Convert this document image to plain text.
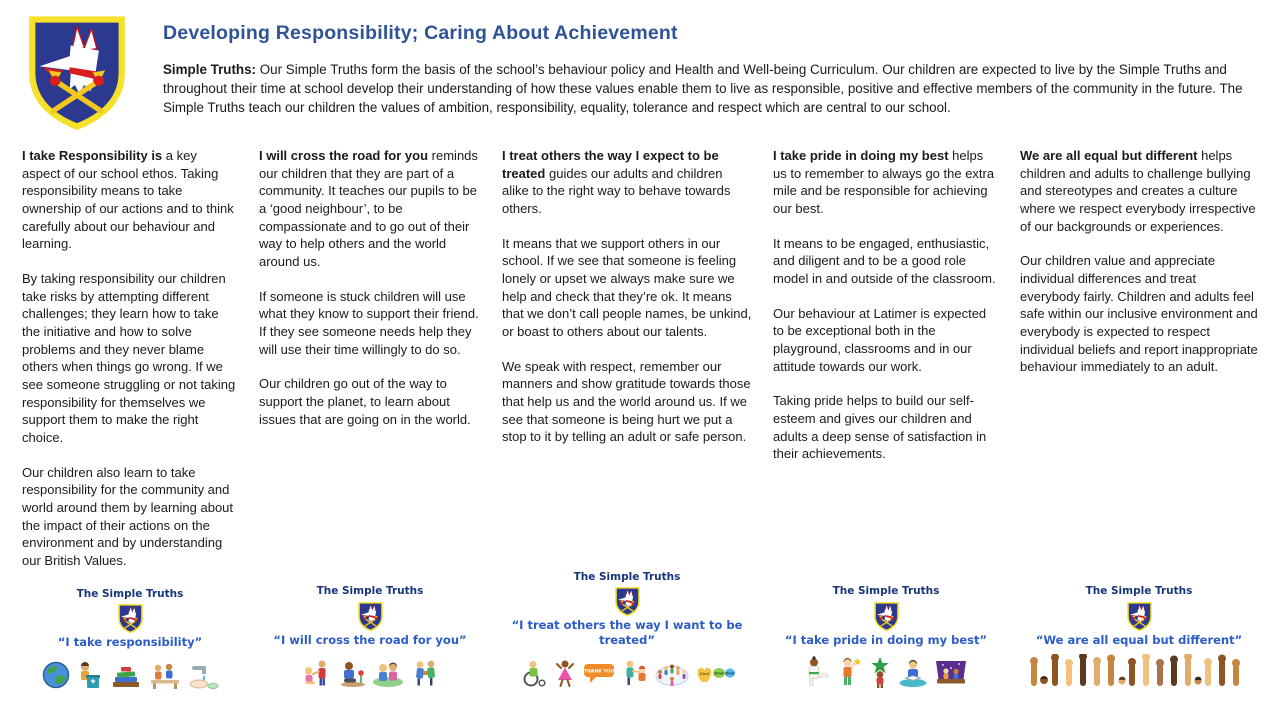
Developing Responsibility; Caring About Achievement

Simple Truths: Our Simple Truths form the basis of the school’s behaviour policy and Health and Well-being Curriculum. Our children are expected to live by the Simple Truths and throughout their time at school develop their understanding of how these values enable them to live as responsible, positive and effective members of the community in the future. The Simple Truths teach our children the values of ambition, responsibility, equality, tolerance and respect which are central to our school.

I take Responsibility is a key aspect of our school ethos. Taking responsibility means to take ownership of our actions and to think carefully about our behaviour and learning.

By taking responsibility our children take risks by attempting different challenges; they learn how to take the initiative and how to solve problems and they never blame others when things go wrong. If we see someone struggling or not taking responsibility for themselves we support them to make the right choice.

Our children also learn to take responsibility for the community and world around them by learning about the impact of their actions on the environment and by understanding our British Values.

The Simple Truths
“I take responsibility”

I will cross the road for you reminds our children that they are part of a community. It teaches our pupils to be a ‘good neighbour’, to be compassionate and to go out of their way to help others and the world around us.

If someone is stuck children will use what they know to support their friend. If they see someone needs help they will use their time willingly to do so.

Our children go out of the way to support the planet, to learn about issues that are going on in the world.

The Simple Truths
“I will cross the road for you”

I treat others the way I expect to be treated guides our adults and children alike to the right way to behave towards others.

It means that we support others in our school. If we see that someone is feeling lonely or upset we always make sure we help and check that they’re ok. It means that we don’t call people names, be unkind, or boast to others about our talents.

We speak with respect, remember our manners and show gratitude towards those that help us and the world around us. If we see that someone is being hurt we put a stop to it by telling an adult or safe person.

The Simple Truths
“I treat others the way I want to be treated”
THANK YOU	Kind Kind Kind

I take pride in doing my best helps us to remember to always go the extra mile and be responsible for achieving our best.

It means to be engaged, enthusiastic, and diligent and to be a good role model in and outside of the classroom.

Our behaviour at Latimer is expected to be exceptional both in the playground, classrooms and in our attitude towards our work.

Taking pride helps to build our self-esteem and gives our children and adults a deep sense of satisfaction in their achievements.

The Simple Truths
“I take pride in doing my best”

We are all equal but different helps children and adults to challenge bullying and stereotypes and creates a culture where we respect everybody irrespective of our backgrounds or experiences.

Our children value and appreciate individual differences and treat everybody fairly. Children and adults feel safe within our inclusive environment and everybody is expected to respect individual beliefs and report inappropriate behaviour immediately to an adult.

The Simple Truths
“We are all equal but different”
